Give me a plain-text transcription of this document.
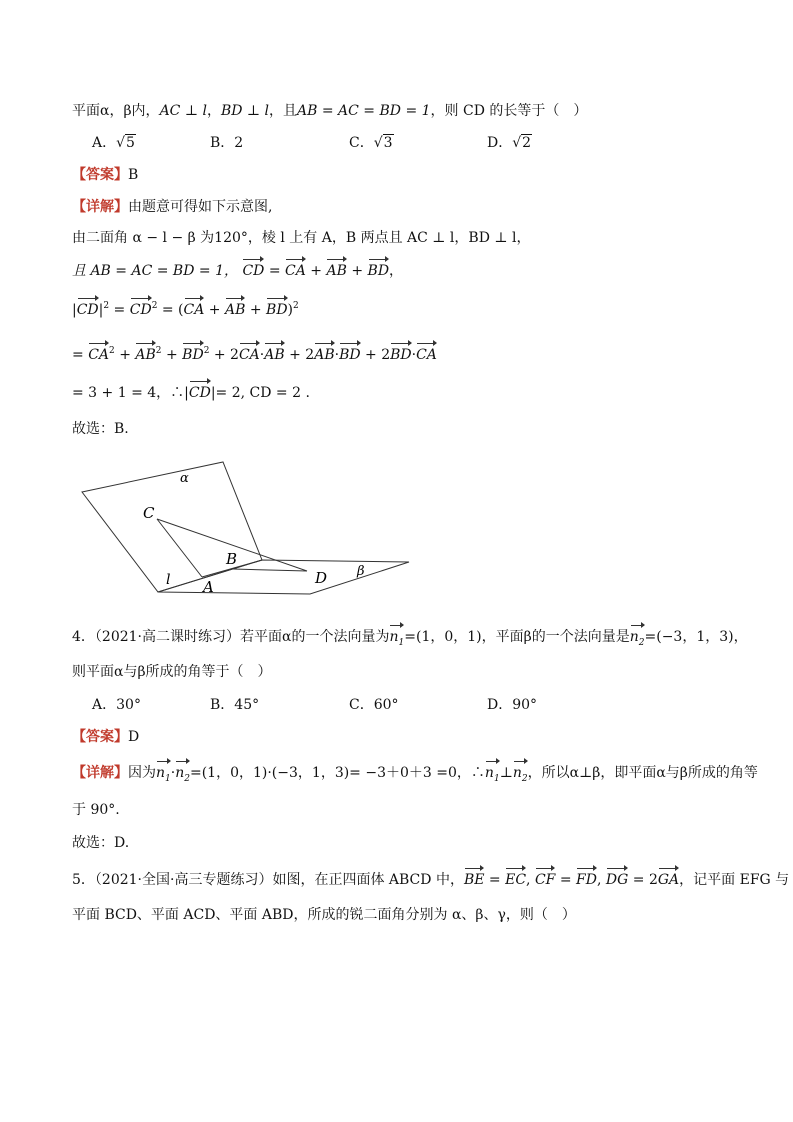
平面α，β内，AC ⊥ l，BD ⊥ l，且AB = AC = BD = 1，则 CD 的长等于（　）
A．√5	B．2	C．√3	D．√2
【答案】B
【详解】由题意可得如下示意图,
由二面角 α − l − β 为120°，棱 l 上有 A，B 两点且 AC ⊥ l，BD ⊥ l，
且 AB = AC = BD = 1， CD = CA + AB + BD，
$|CD|^2 = CD^2 = (CA$ + AB + BD)$^2$
= $CA^2 + AB^2 + BD^2 + 2CA\cdot AB + 2AB\cdot BD + 2BD\cdot CA$
= 3 + 1 = 4，∴|CD|= 2, CD = 2 .
故选：B.
α
β
l A
B
C
D
4．（2021·高二课时练习）若平面α的一个法向量为$n_1=(1$，0，1)，平面β的一个法向量是$n_2=(-3$，1，3)，
则平面α与β所成的角等于（　）
A．30°	B．45°	C．60°	D．90°
【答案】D
【详解】因为$n_1\cdot n_2=(1$，0，1)·(−3，1，3)= −3＋0＋3 =0，$\therefore n_1\perp n_2$，所以α⊥β，即平面α与β所成的角等
于 90°.
故选：D.
5．（2021·全国·高三专题练习）如图，在正四面体 ABCD 中，BE = EC, CF = FD, DG = 2GA，记平面 EFG 与
平面 BCD、平面 ACD、平面 ABD，所成的锐二面角分别为 α、β、γ，则（　）
